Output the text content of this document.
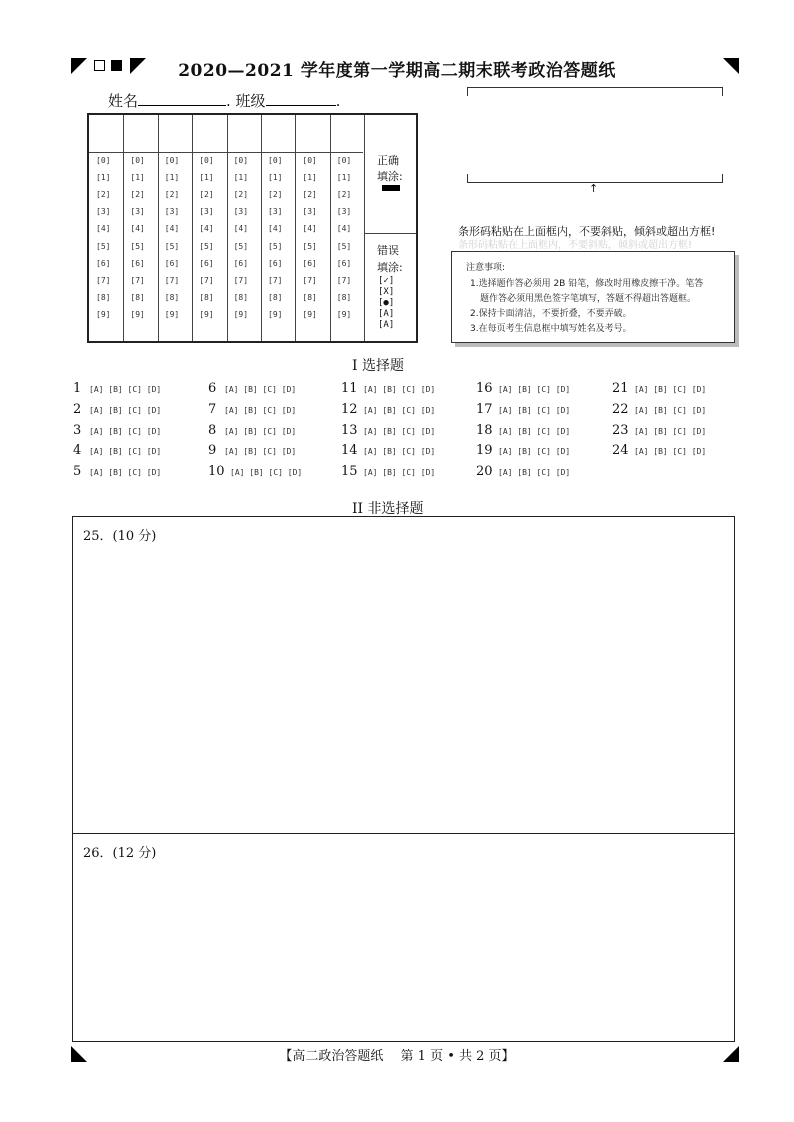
2020—2021 学年度第一学期高二期末联考政治答题纸
姓名	. 班级	.
正确
填涂:
错误
填涂:
[✓]
[X]
[●]
[A]
[A]
[0]
[1]
[2]
[3]
[4]
[5]
[6]
[7]
[8]
[9]
[0]
[1]
[2]
[3]
[4]
[5]
[6]
[7]
[8]
[9]
[0]
[1]
[2]
[3]
[4]
[5]
[6]
[7]
[8]
[9]
[0]
[1]
[2]
[3]
[4]
[5]
[6]
[7]
[8]
[9]
[0]
[1]
[2]
[3]
[4]
[5]
[6]
[7]
[8]
[9]
[0]
[1]
[2]
[3]
[4]
[5]
[6]
[7]
[8]
[9]
[0]
[1]
[2]
[3]
[4]
[5]
[6]
[7]
[8]
[9]
[0]
[1]
[2]
[3]
[4]
[5]
[6]
[7]
[8]
[9]
↑
条形码粘贴在上面框内，不要斜贴，倾斜或超出方框!
条形码粘贴在上面框内，不要斜贴，倾斜或超出方框!
注意事项:
1.选择题作答必须用 2B 铅笔，修改时用橡皮擦干净。笔答
题作答必须用黑色签字笔填写，答题不得超出答题框。
2.保持卡面清洁，不要折叠，不要弄破。
3.在每页考生信息框中填写姓名及考号。
I 选择题
1 [A] [B] [C] [D]
2 [A] [B] [C] [D]
3 [A] [B] [C] [D]
4 [A] [B] [C] [D]
5 [A] [B] [C] [D]
6 [A] [B] [C] [D]
7 [A] [B] [C] [D]
8 [A] [B] [C] [D]
9 [A] [B] [C] [D]
10 [A] [B] [C] [D]
11 [A] [B] [C] [D]
12 [A] [B] [C] [D]
13 [A] [B] [C] [D]
14 [A] [B] [C] [D]
15 [A] [B] [C] [D]
16 [A] [B] [C] [D]
17 [A] [B] [C] [D]
18 [A] [B] [C] [D]
19 [A] [B] [C] [D]
20 [A] [B] [C] [D]
21 [A] [B] [C] [D]
22 [A] [B] [C] [D]
23 [A] [B] [C] [D]
24 [A] [B] [C] [D]
II 非选择题
25．(10 分)
26．(12 分)
【高二政治答题纸　 第 1 页 • 共 2 页】
